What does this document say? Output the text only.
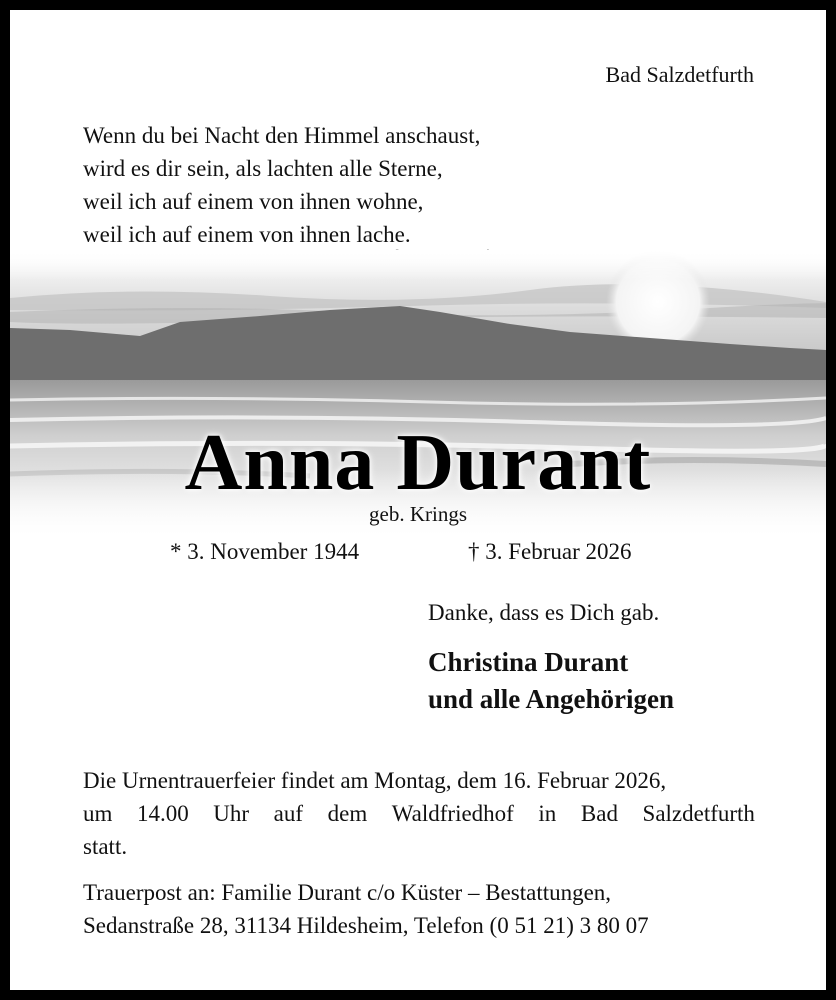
Bad Salzdetfurth
Wenn du bei Nacht den Himmel anschaust,
wird es dir sein, als lachten alle Sterne,
weil ich auf einem von ihnen wohne,
weil ich auf einem von ihnen lache.
Anna Durant
geb. Krings
* 3. November 1944	† 3. Februar 2026
Danke, dass es Dich gab.
Christina Durant
und alle Angehörigen
Die Urnentrauerfeier findet am Montag, dem 16. Februar 2026,
um 14.00 Uhr auf dem Waldfriedhof in Bad Salzdetfurth
statt.
Trauerpost an: Familie Durant c/o Küster – Bestattungen,
Sedanstraße 28, 31134 Hildesheim, Telefon (0 51 21) 3 80 07
